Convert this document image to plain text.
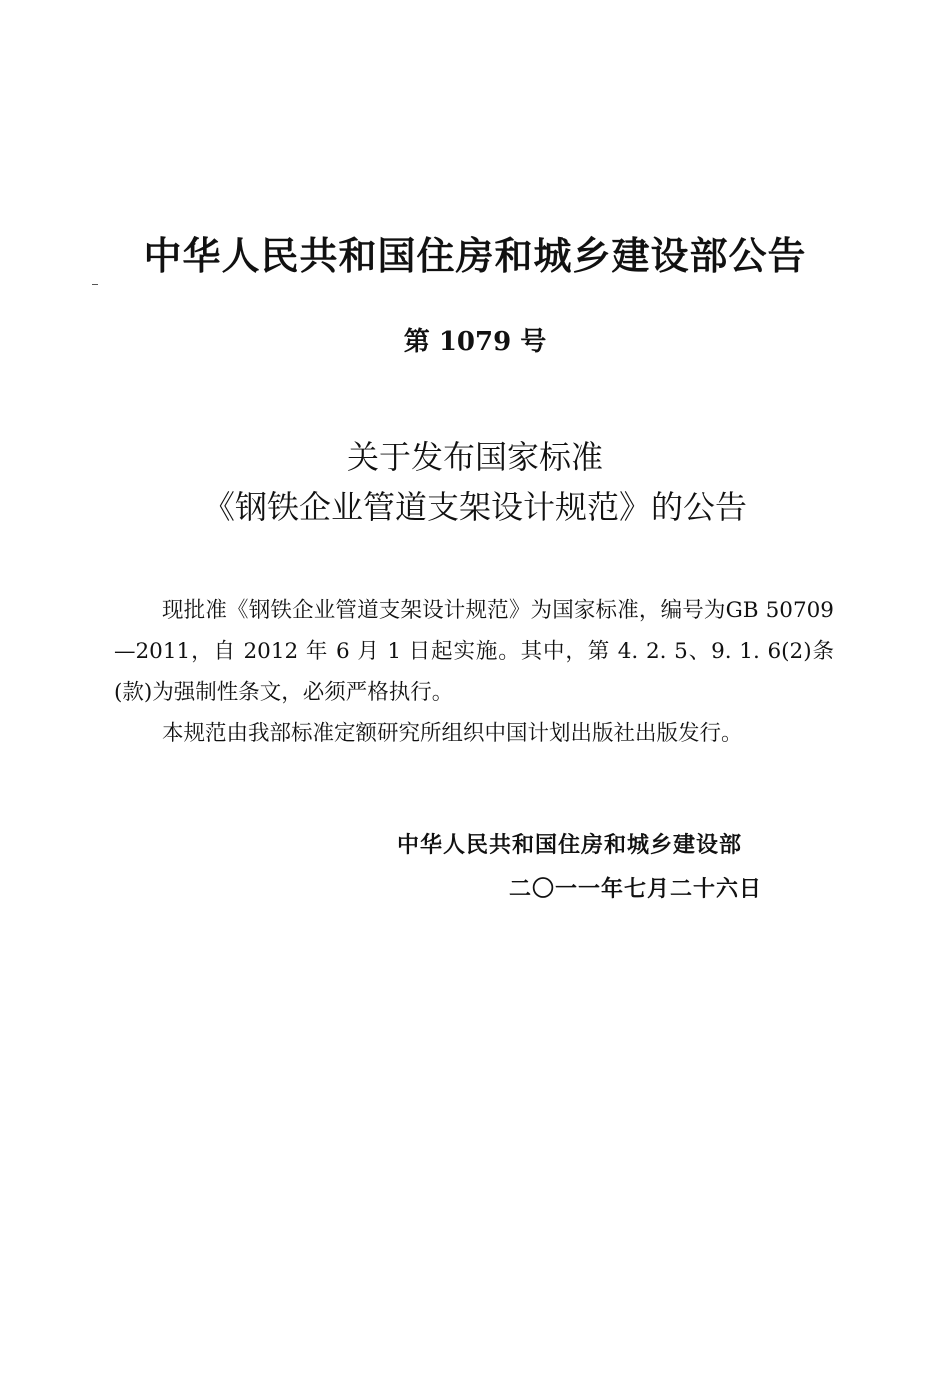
中华人民共和国住房和城乡建设部公告
第 1079 号
关于发布国家标准
《钢铁企业管道支架设计规范》的公告

现批准《钢铁企业管道支架设计规范》为国家标准，编号为GB 50709—2011，自 2012 年 6 月 1 日起实施。其中，第 4. 2. 5、9. 1. 6(2)条(款)为强制性条文，必须严格执行。

本规范由我部标准定额研究所组织中国计划出版社出版发行。

中华人民共和国住房和城乡建设部
二〇一一年七月二十六日
